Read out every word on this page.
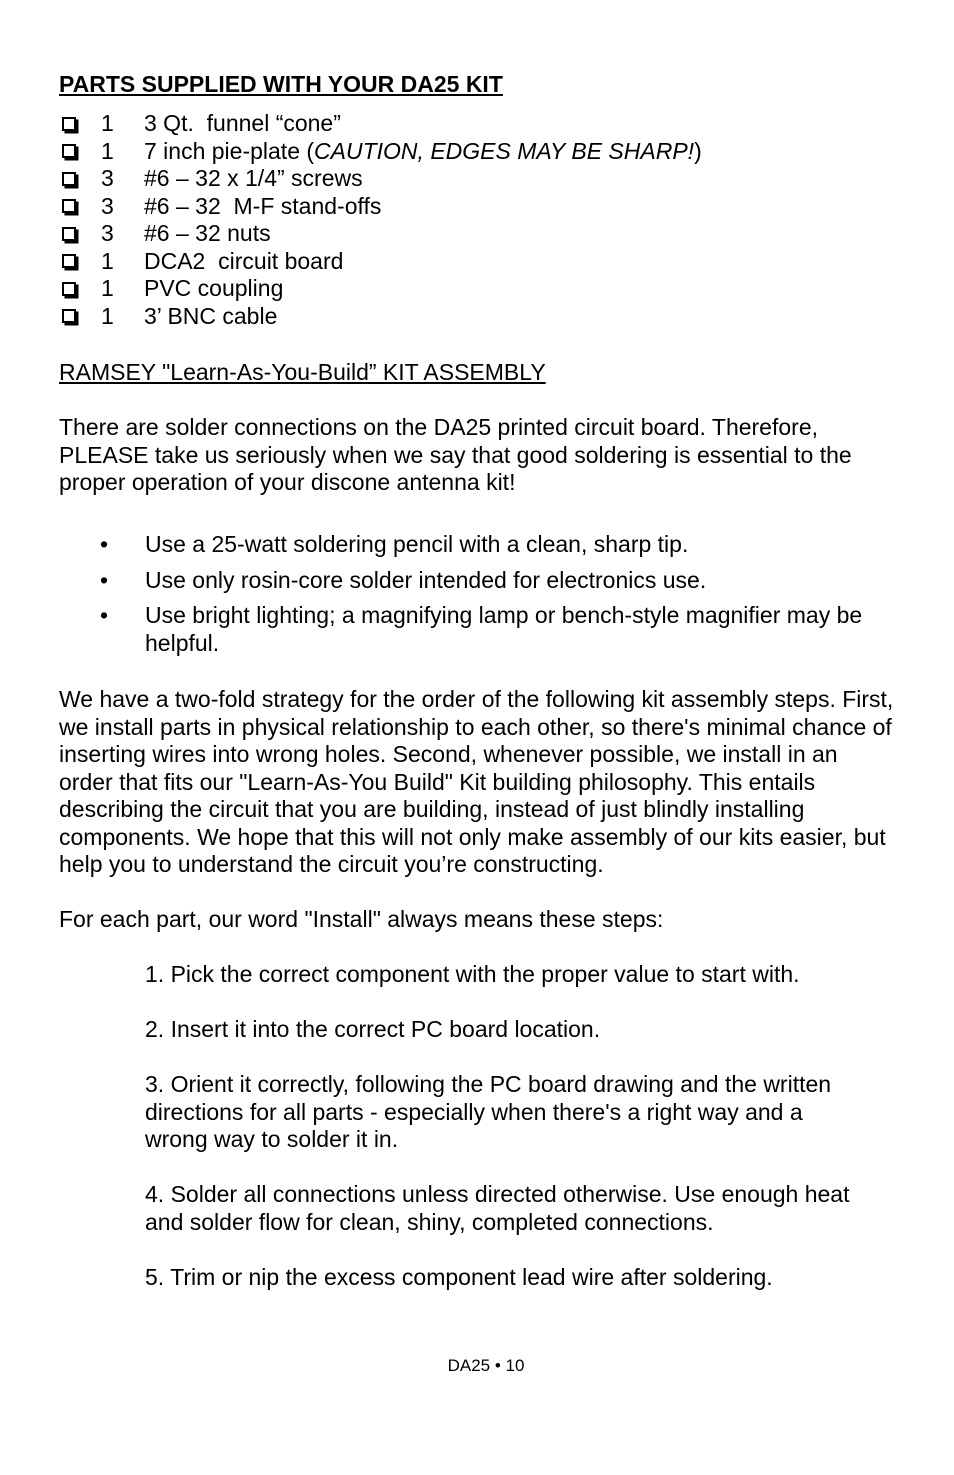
PARTS SUPPLIED WITH YOUR DA25 KIT
1	3 Qt.  funnel “cone”
1	7 inch pie-plate (CAUTION, EDGES MAY BE SHARP!)
3	#6 – 32 x 1/4” screws
3	#6 – 32  M-F stand-offs
3	#6 – 32 nuts
1	DCA2  circuit board
1	PVC coupling
1	3’ BNC cable
RAMSEY "Learn-As-You-Build” KIT ASSEMBLY

There are solder connections on the DA25 printed circuit board. Therefore, PLEASE take us seriously when we say that good soldering is essential to the proper operation of your discone antenna kit!

• Use a 25-watt soldering pencil with a clean, sharp tip.
• Use only rosin-core solder intended for electronics use.
• Use bright lighting; a magnifying lamp or bench-style magnifier may be helpful.

We have a two-fold strategy for the order of the following kit assembly steps. First, we install parts in physical relationship to each other, so there's minimal chance of inserting wires into wrong holes. Second, whenever possible, we install in an order that fits our "Learn-As-You Build" Kit building philosophy. This entails describing the circuit that you are building, instead of just blindly installing components. We hope that this will not only make assembly of our kits easier, but help you to understand the circuit you’re constructing.

For each part, our word "Install" always means these steps:

1. Pick the correct component with the proper value to start with.

2. Insert it into the correct PC board location.

3. Orient it correctly, following the PC board drawing and the written directions for all parts - especially when there's a right way and a wrong way to solder it in.

4. Solder all connections unless directed otherwise. Use enough heat and solder flow for clean, shiny, completed connections.

5. Trim or nip the excess component lead wire after soldering.

DA25 • 10
